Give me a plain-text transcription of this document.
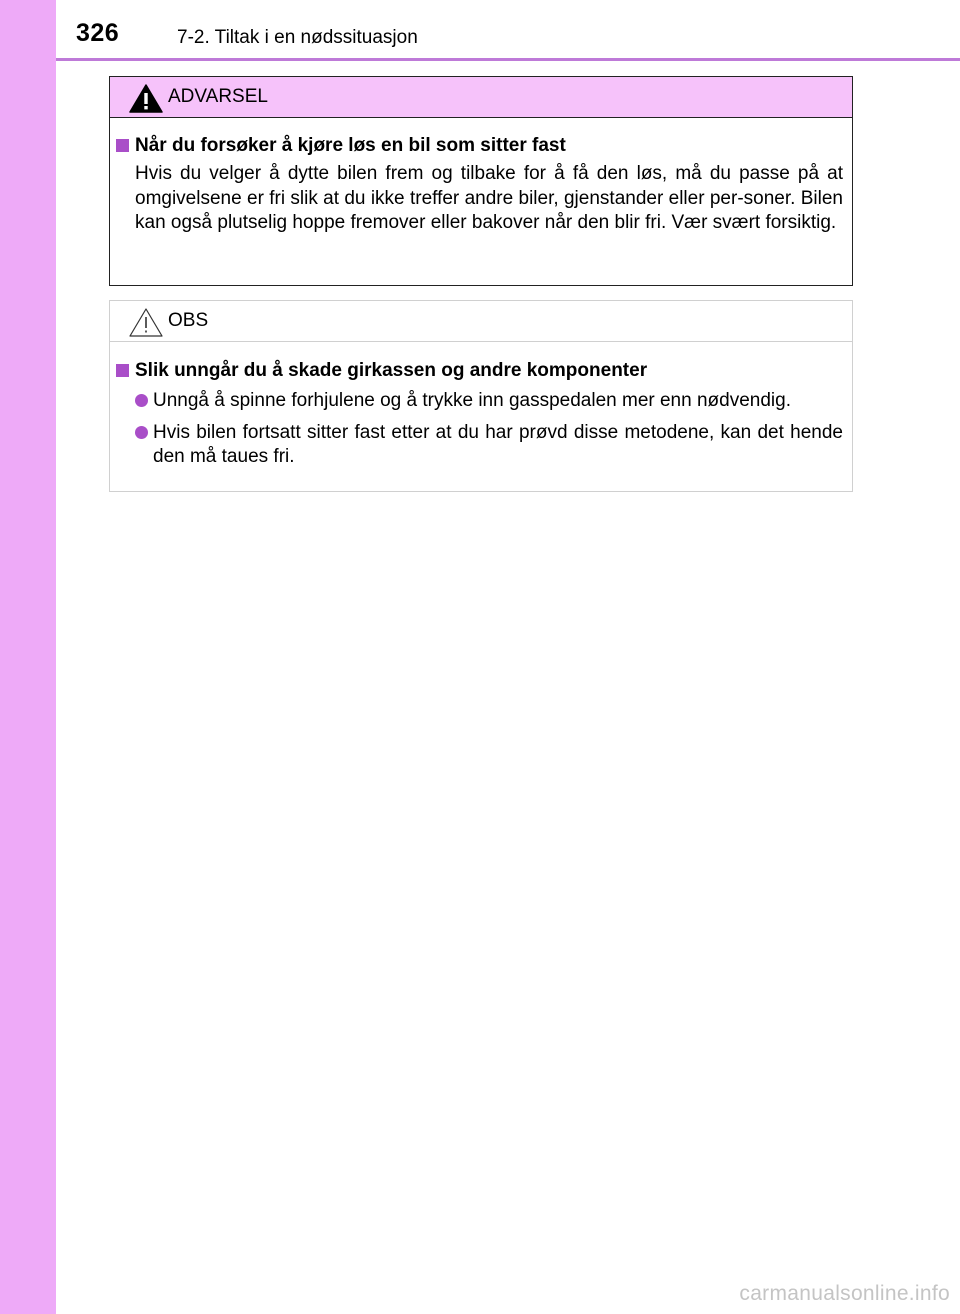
326	7-2. Tiltak i en nødssituasjon
ADVARSEL
Når du forsøker å kjøre løs en bil som sitter fast
Hvis du velger å dytte bilen frem og tilbake for å få den løs, må du passe på at omgivelsene er fri slik at du ikke treffer andre biler, gjenstander eller per-soner. Bilen kan også plutselig hoppe fremover eller bakover når den blir fri. Vær svært forsiktig.
OBS
Slik unngår du å skade girkassen og andre komponenter
Unngå å spinne forhjulene og å trykke inn gasspedalen mer enn nødvendig.
Hvis bilen fortsatt sitter fast etter at du har prøvd disse metodene, kan det hende den må taues fri.
carmanualsonline.info
